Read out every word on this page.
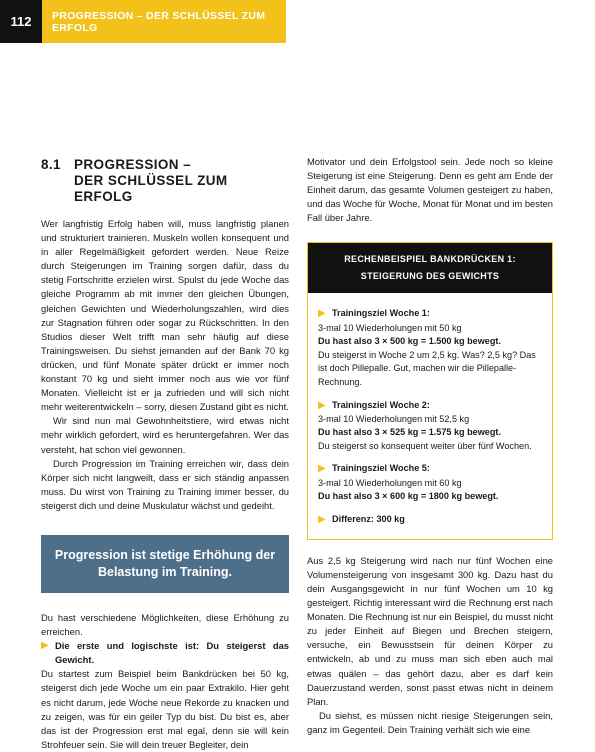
112	PROGRESSION – DER SCHLÜSSEL ZUM ERFOLG
8.1 PROGRESSION –
DER SCHLÜSSEL ZUM ERFOLG

Wer langfristig Erfolg haben will, muss langfristig planen und strukturiert trainieren. Muskeln wollen konsequent und in aller Regelmäßigkeit gefordert werden. Neue Reize durch Steigerungen im Training sorgen dafür, dass du stetig Fortschritte erzielen wirst. Spulst du jede Woche das gleiche Programm ab mit immer den gleichen Übungen, gleichen Gewichten und Wiederholungszahlen, wird dies zur Stagnation führen oder sogar zu Rückschritten. In den Studios dieser Welt trifft man sehr häufig auf diese Trainingsweisen. Du siehst jemanden auf der Bank 70 kg drücken, und fünf Monate später drückt er immer noch konstant 70 kg und sieht immer noch aus wie vor fünf Monaten. Vielleicht ist er ja zufrieden und will sich nicht mehr weiterentwickeln – sorry, diesen Zustand gibt es nicht.

Wir sind nun mal Gewohnheitstiere, wird etwas nicht mehr wirklich gefordert, wird es heruntergefahren. Wer das versteht, hat schon viel gewonnen.

Durch Progression im Training erreichen wir, dass dein Körper sich nicht langweilt, dass er sich ständig anpassen muss. Du wirst von Training zu Training immer besser, du steigerst dich und deine Muskulatur wächst und gedeiht.

Progression ist stetige Erhöhung der Belastung im Training.

Du hast verschiedene Möglichkeiten, diese Erhöhung zu erreichen.

▶ Die erste und logischste ist: Du steigerst das Gewicht.

Du startest zum Beispiel beim Bankdrücken bei 50 kg, steigerst dich jede Woche um ein paar Extrakilo. Hier geht es nicht darum, jede Woche neue Rekorde zu knacken und zu zeigen, was für ein geiler Typ du bist. Du bist es, aber das ist der Progression erst mal egal, denn sie will kein Strohfeuer sein. Sie will dein treuer Begleiter, dein

Motivator und dein Erfolgstool sein. Jede noch so kleine Steigerung ist eine Steigerung. Denn es geht am Ende der Einheit darum, das gesamte Volumen gesteigert zu haben, und das Woche für Woche, Monat für Monat und im besten Fall über Jahre.

RECHENBEISPIEL BANKDRÜCKEN 1:
STEIGERUNG DES GEWICHTS
▶ Trainingsziel Woche 1:
3-mal 10 Wiederholungen mit 50 kg
Du hast also 3 × 500 kg = 1.500 kg bewegt.
Du steigerst in Woche 2 um 2,5 kg. Was? 2,5 kg? Das ist doch Pillepalle. Gut, machen wir die Pillepalle-Rechnung.
▶ Trainingsziel Woche 2:
3-mal 10 Wiederholungen mit 52,5 kg
Du hast also 3 × 525 kg = 1.575 kg bewegt.
Du steigerst so konsequent weiter über fünf Wochen.
▶ Trainingsziel Woche 5:
3-mal 10 Wiederholungen mit 60 kg
Du hast also 3 × 600 kg = 1800 kg bewegt.
▶ Differenz: 300 kg

Aus 2,5 kg Steigerung wird nach nur fünf Wochen eine Volumensteigerung von insgesamt 300 kg. Dazu hast du dein Ausgangsgewicht in nur fünf Wochen um 10 kg gesteigert. Richtig interessant wird die Rechnung erst nach Monaten. Die Rechnung ist nur ein Beispiel, du musst nicht zu jeder Einheit auf Biegen und Brechen steigern, versuche, ein Bewusstsein für deinen Körper zu entwickeln, ab und zu muss man sich eben auch mal etwas quälen – das gehört dazu, aber es darf kein Dauerzustand werden, sonst passt etwas nicht in deinem Plan.

Du siehst, es müssen nicht riesige Steigerungen sein, ganz im Gegenteil. Dein Training verhält sich wie eine
